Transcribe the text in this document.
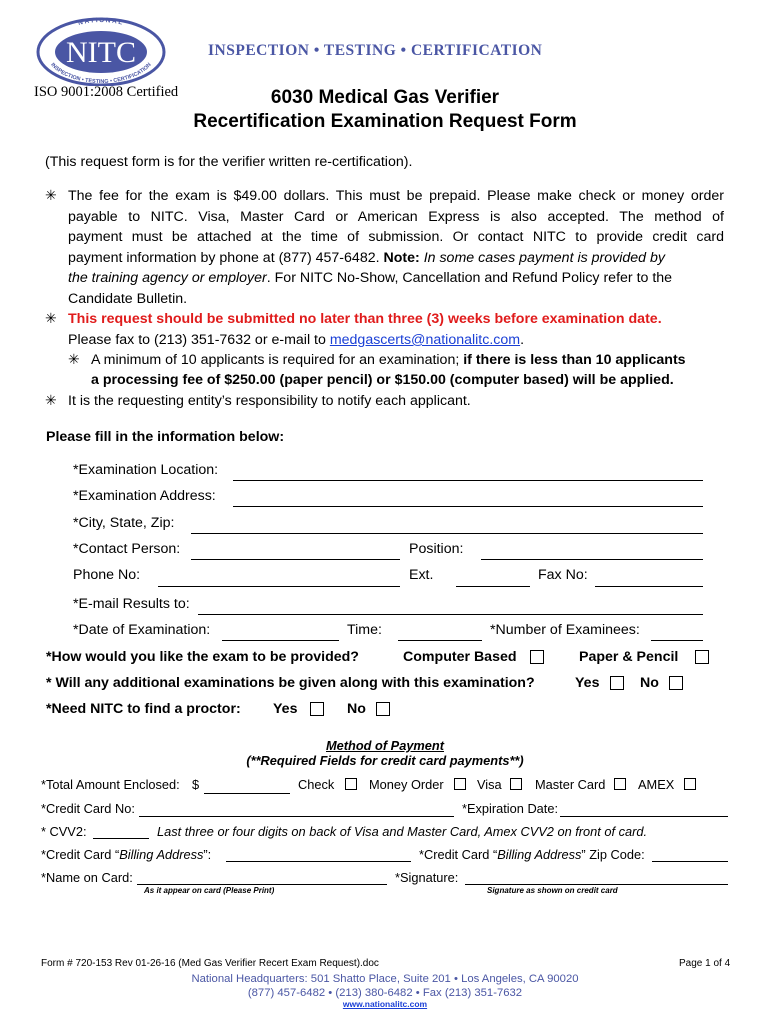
NITC
NATIONAL
INSPECTION • TESTING • CERTIFICATION
INSPECTION • TESTING • CERTIFICATION
ISO 9001:2008 Certified	6030 Medical Gas Verifier
Recertification Examination Request Form
(This request form is for the verifier written re-certification).
✳ The fee for the exam is $49.00 dollars. This must be prepaid. Please make check or money order
payable to NITC. Visa, Master Card or American Express is also accepted. The method of
payment must be attached at the time of submission. Or contact NITC to provide credit card
payment information by phone at (877) 457-6482. Note: In some cases payment is provided by
the training agency or employer. For NITC No-Show, Cancellation and Refund Policy refer to the
Candidate Bulletin.
✳ This request should be submitted no later than three (3) weeks before examination date.
Please fax to (213) 351-7632 or e-mail to medgascerts@nationalitc.com.
✳ A minimum of 10 applicants is required for an examination; if there is less than 10 applicants
a processing fee of $250.00 (paper pencil) or $150.00 (computer based) will be applied.
✳ It is the requesting entity’s responsibility to notify each applicant.
Please fill in the information below:
*Examination Location:
*Examination Address:
*City, State, Zip:
*Contact Person:	Position:
Phone No:	Ext.	Fax No:
*E-mail Results to:
*Date of Examination:	Time:	*Number of Examinees:
*How would you like the exam to be provided?	Computer Based	Paper & Pencil
* Will any additional examinations be given along with this examination?	Yes	No
*Need NITC to find a proctor: Yes	No
Method of Payment
(**Required Fields for credit card payments**)
*Total Amount Enclosed: $	Check	Money Order	Visa	Master Card	AMEX
*Credit Card No:	*Expiration Date:
* CVV2:	Last three or four digits on back of Visa and Master Card, Amex CVV2 on front of card.
*Credit Card “Billing Address”:	*Credit Card “Billing Address” Zip Code:
*Name on Card:	*Signature:
As it appear on card (Please Print)	Signature as shown on credit card
Form # 720-153 Rev 01-26-16 (Med Gas Verifier Recert Exam Request).doc	Page 1 of 4
National Headquarters: 501 Shatto Place, Suite 201 • Los Angeles, CA 90020
(877) 457-6482 • (213) 380-6482 • Fax (213) 351-7632
www.nationalitc.com
